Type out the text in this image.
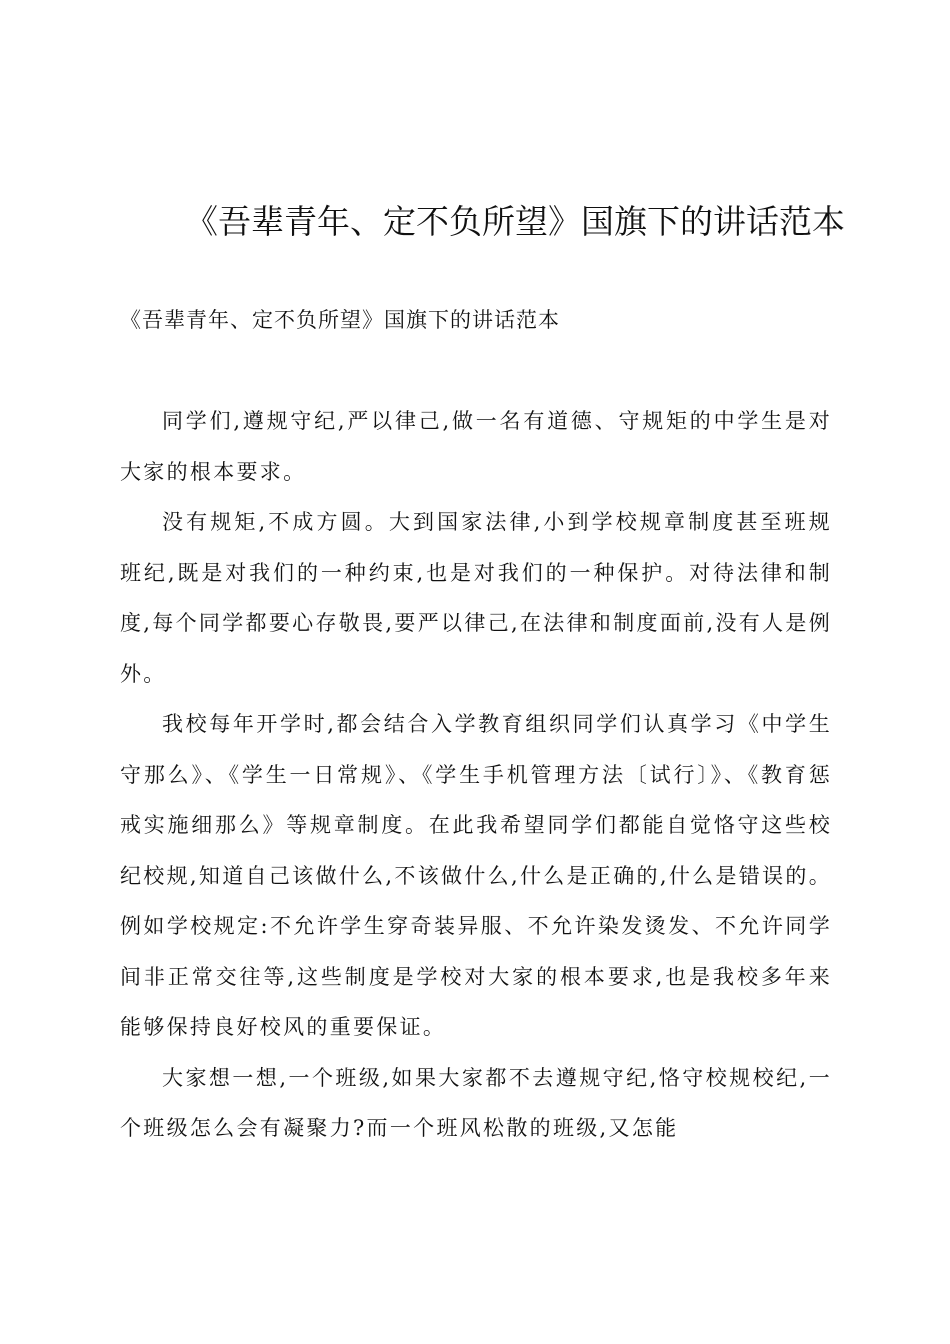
《吾辈青年、定不负所望》国旗下的讲话范本
《吾辈青年、定不负所望》国旗下的讲话范本

同学们,遵规守纪,严以律己,做一名有道德、守规矩的中学生是对大家的根本要求。

没有规矩,不成方圆。大到国家法律,小到学校规章制度甚至班规班纪,既是对我们的一种约束,也是对我们的一种保护。对待法律和制度,每个同学都要心存敬畏,要严以律己,在法律和制度面前,没有人是例外。

我校每年开学时,都会结合入学教育组织同学们认真学习《中学生守那么》、《学生一日常规》、《学生手机管理方法〔试行〕》、《教育惩戒实施细那么》等规章制度。在此我希望同学们都能自觉恪守这些校纪校规,知道自己该做什么,不该做什么,什么是正确的,什么是错误的。例如学校规定:不允许学生穿奇装异服、不允许染发烫发、不允许同学间非正常交往等,这些制度是学校对大家的根本要求,也是我校多年来能够保持良好校风的重要保证。

大家想一想,一个班级,如果大家都不去遵规守纪,恪守校规校纪,一个班级怎么会有凝聚力?而一个班风松散的班级,又怎能
